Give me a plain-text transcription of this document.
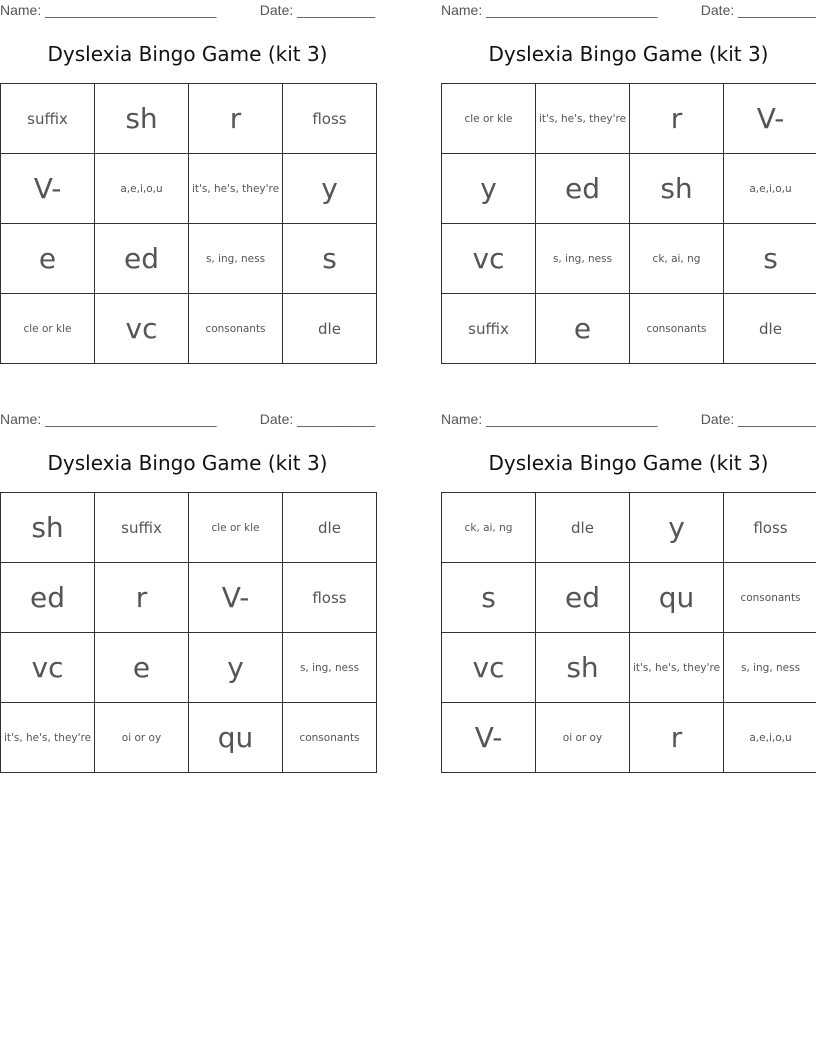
Name: ______________________	Date: __________
Dyslexia Bingo Game (kit 3)
suffix	sh	r	floss
V-	a,e,i,o,u	it's, he's, they're	y
e	ed	s, ing, ness	s
cle or kle	vc	consonants	dle
Name: ______________________	Date: __________
Dyslexia Bingo Game (kit 3)
cle or kle	it's, he's, they're	r	V-
y	ed	sh	a,e,i,o,u
vc	s, ing, ness	ck, ai, ng	s
suffix	e	consonants	dle
Name: ______________________	Date: __________
Dyslexia Bingo Game (kit 3)
sh	suffix	cle or kle	dle
ed	r	V-	floss
vc	e	y	s, ing, ness
it's, he's, they're	oi or oy	qu	consonants
Name: ______________________	Date: __________
Dyslexia Bingo Game (kit 3)
ck, ai, ng	dle	y	floss
s	ed	qu	consonants
vc	sh	it's, he's, they're	s, ing, ness
V-	oi or oy	r	a,e,i,o,u
